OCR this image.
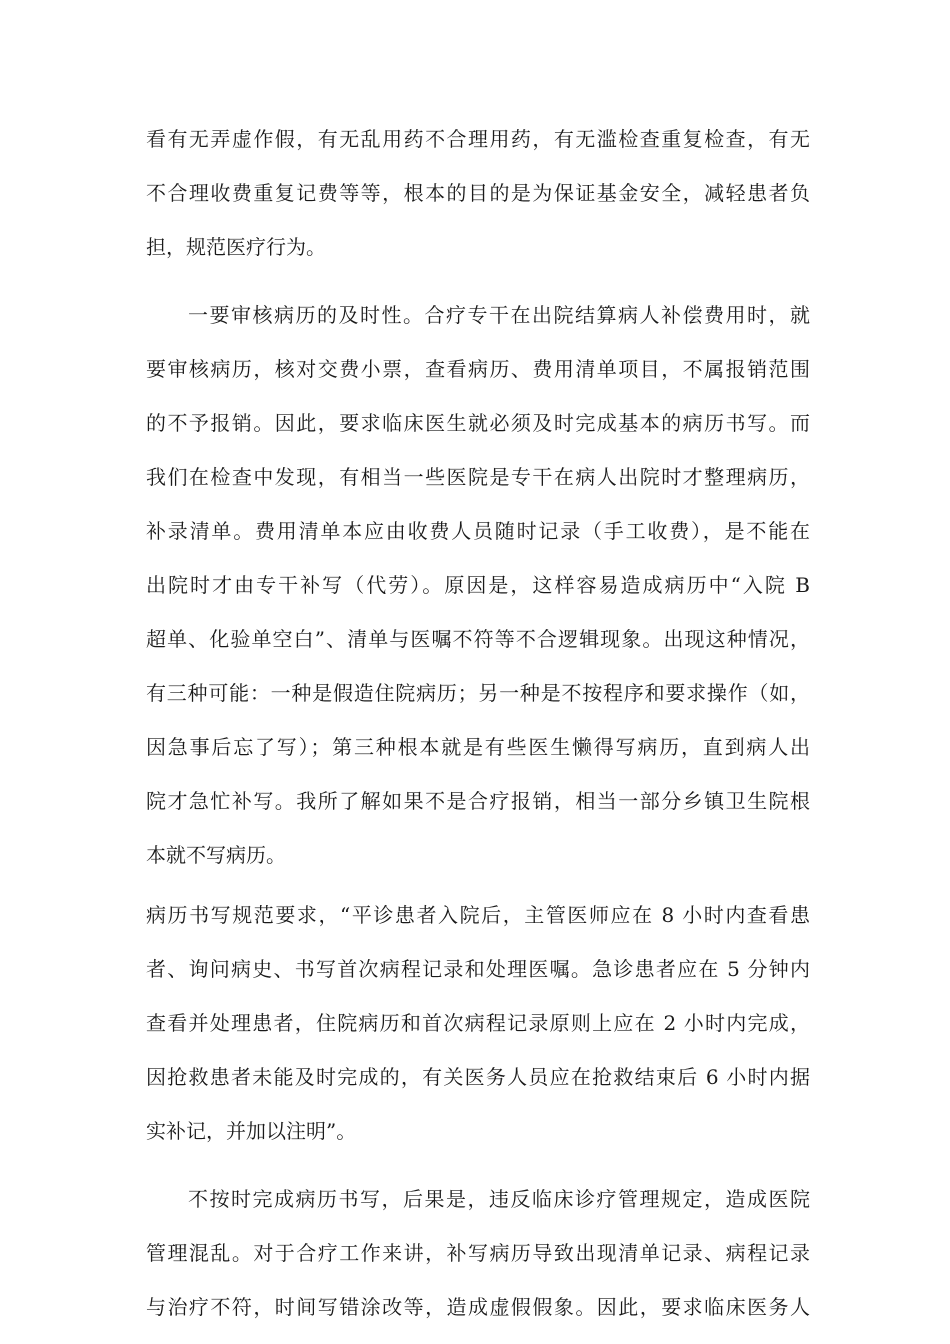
看有无弄虚作假，有无乱用药不合理用药，有无滥检查重复检查，有无
不合理收费重复记费等等，根本的目的是为保证基金安全，减轻患者负
担，规范医疗行为。
一要审核病历的及时性。合疗专干在出院结算病人补偿费用时，就
要审核病历，核对交费小票，查看病历、费用清单项目，不属报销范围
的不予报销。因此，要求临床医生就必须及时完成基本的病历书写。而
我们在检查中发现，有相当一些医院是专干在病人出院时才整理病历，
补录清单。费用清单本应由收费人员随时记录（手工收费），是不能在
出院时才由专干补写（代劳）。原因是，这样容易造成病历中“入院 B
超单、化验单空白”、清单与医嘱不符等不合逻辑现象。出现这种情况，
有三种可能：一种是假造住院病历；另一种是不按程序和要求操作（如，
因急事后忘了写）；第三种根本就是有些医生懒得写病历，直到病人出
院才急忙补写。我所了解如果不是合疗报销，相当一部分乡镇卫生院根
本就不写病历。
病历书写规范要求，“平诊患者入院后，主管医师应在 8 小时内查看患
者、询问病史、书写首次病程记录和处理医嘱。急诊患者应在 5 分钟内
查看并处理患者，住院病历和首次病程记录原则上应在 2 小时内完成，
因抢救患者未能及时完成的，有关医务人员应在抢救结束后 6 小时内据
实补记，并加以注明”。
不按时完成病历书写，后果是，违反临床诊疗管理规定，造成医院
管理混乱。对于合疗工作来讲，补写病历导致出现清单记录、病程记录
与治疗不符，时间写错涂改等，造成虚假假象。因此，要求临床医务人
